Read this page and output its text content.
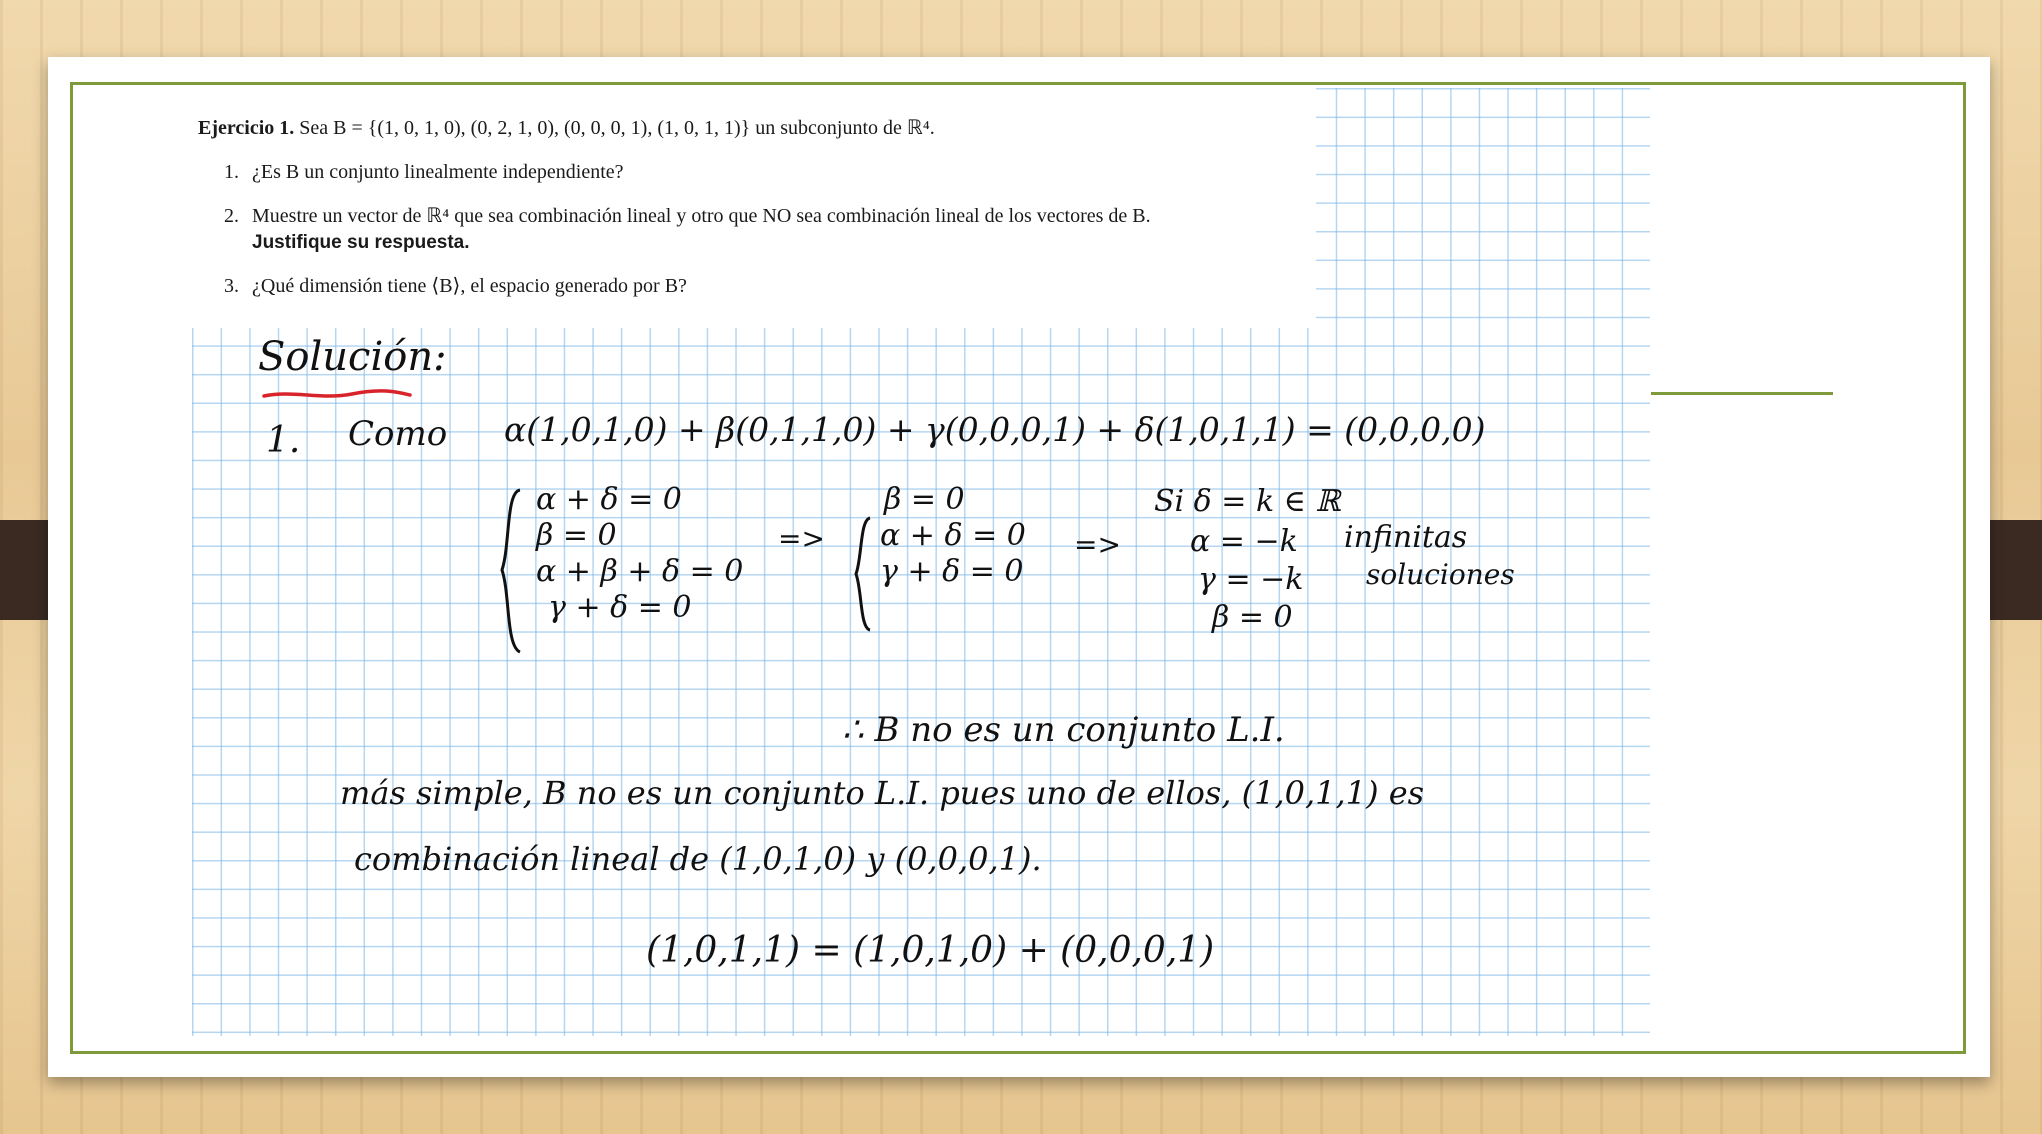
Ejercicio 1. Sea B = {(1, 0, 1, 0), (0, 2, 1, 0), (0, 0, 0, 1), (1, 0, 1, 1)} un subconjunto de ℝ⁴.
1. ¿Es B un conjunto linealmente independiente?
2. Muestre un vector de ℝ⁴ que sea combinación lineal y otro que NO sea combinación lineal de los vectores de B.
Justifique su respuesta.
3. ¿Qué dimensión tiene ⟨B⟩, el espacio generado por B?
Solución:
1. Como α(1,0,1,0) + β(0,1,1,0) + γ(0,0,0,1) + δ(1,0,1,1) = (0,0,0,0)
α + δ = 0
β = 0
α + β + δ = 0
γ + δ = 0
=>
β = 0
α + δ = 0
γ + δ = 0
=>
Si δ = k ∈ ℝ
α = −k
γ = −k
β = 0
infinitas
soluciones
∴ B no es un conjunto L.I.
más simple, B no es un conjunto L.I. pues uno de ellos, (1,0,1,1) es
combinación lineal de (1,0,1,0) y (0,0,0,1).
(1,0,1,1) = (1,0,1,0) + (0,0,0,1)
